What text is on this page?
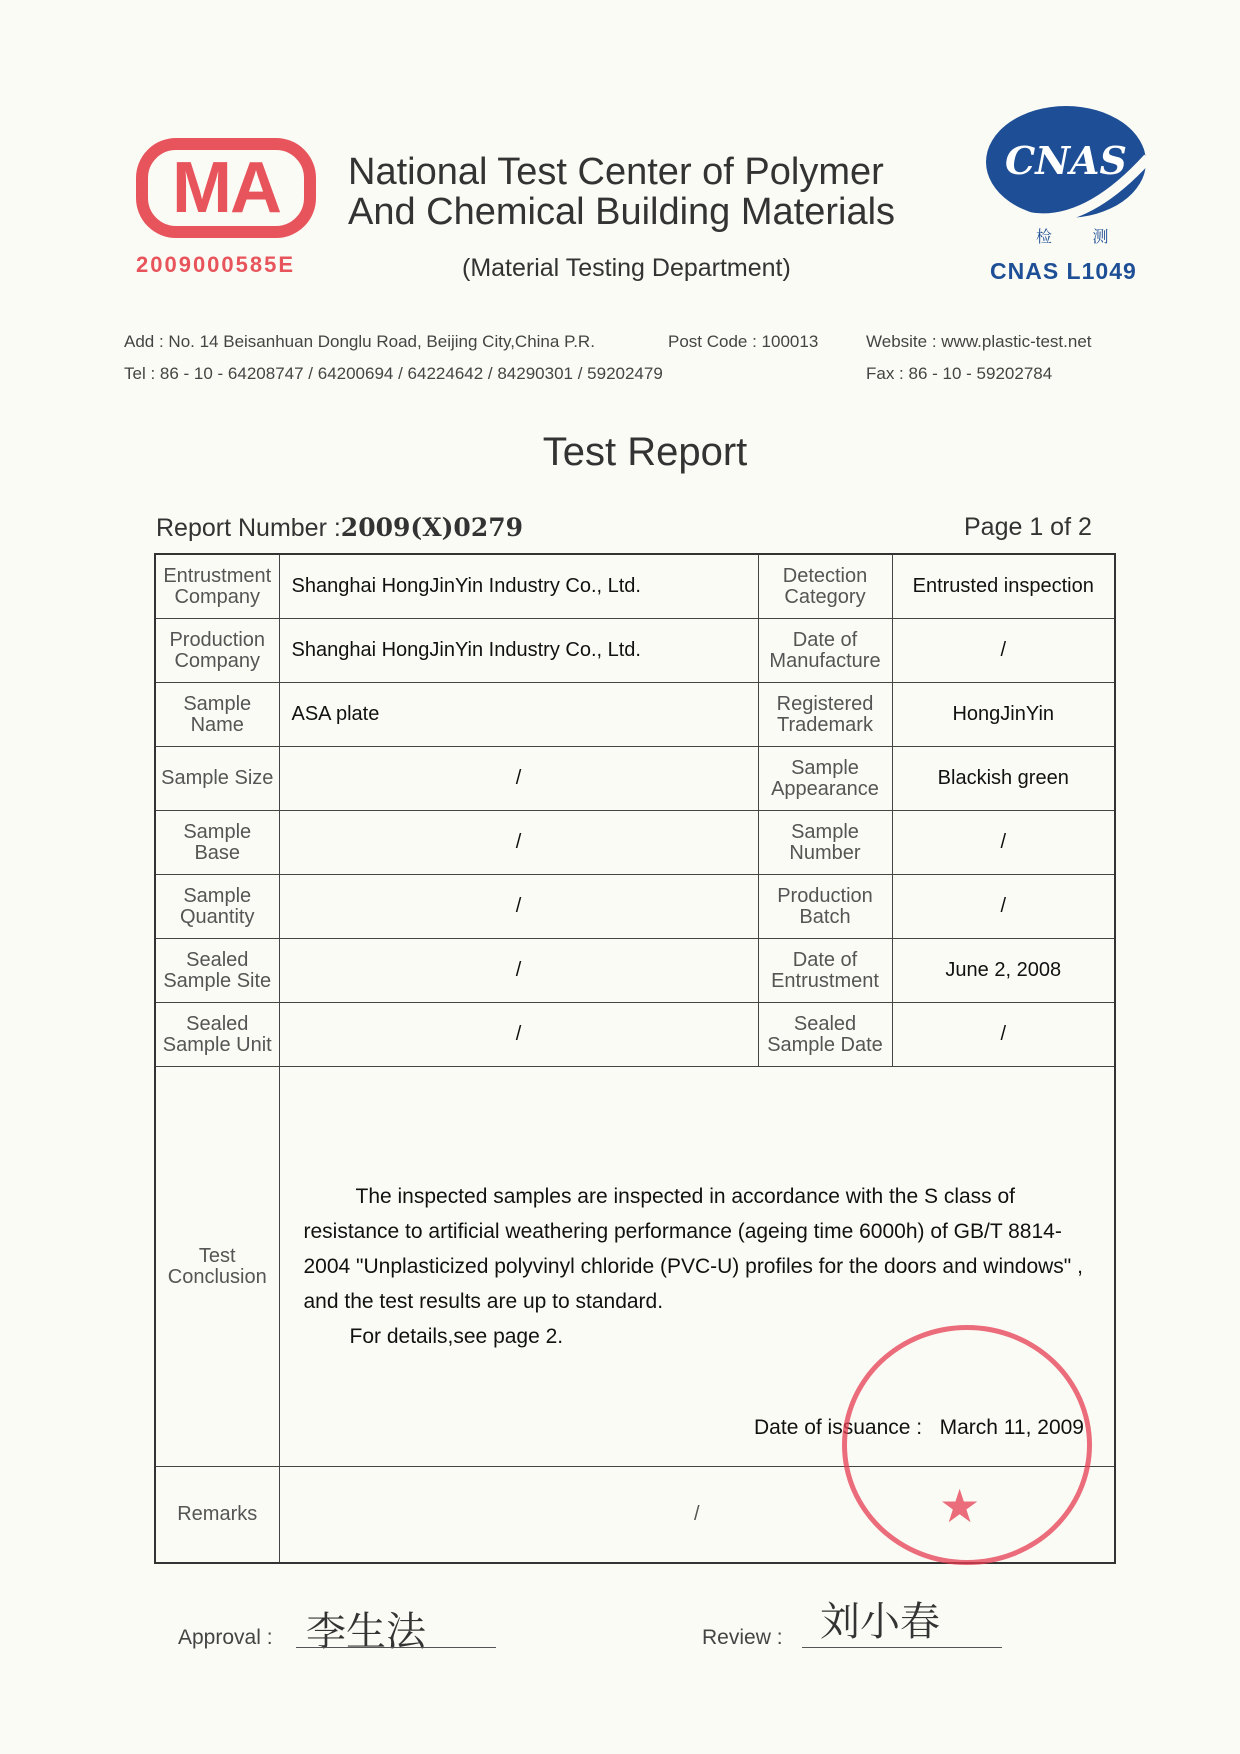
MA
2009000585E
National Test Center of Polymer
And Chemical Building Materials
(Material Testing Department)
CNAS
检 测
CNAS L1049
Add : No. 14 Beisanhuan Donglu Road, Beijing City,China P.R.	Post Code : 100013	Website : www.plastic-test.net
Tel : 86 - 10 - 64208747 / 64200694 / 64224642 / 84290301 / 59202479	Fax : 86 - 10 - 59202784
Test Report
Report Number :2009(X)0279	Page 1 of 2
Entrustment Company	Shanghai HongJinYin Industry Co., Ltd.	Detection Category	Entrusted inspection
Production Company	Shanghai HongJinYin Industry Co., Ltd.	Date of Manufacture	/
Sample Name	ASA plate	Registered Trademark	HongJinYin
Sample Size	/	Sample Appearance	Blackish green
Sample Base	/	Sample Number	/
Sample Quantity	/	Production Batch	/
Sealed Sample Site	/	Date of Entrustment	June 2, 2008
Sealed Sample Unit	/	Sealed Sample Date	/
Test Conclusion	The inspected samples are inspected in accordance with the S class of resistance to artificial weathering performance (ageing time 6000h) of GB/T 8814-2004 "Unplasticized polyvinyl chloride (PVC-U) profiles for the doors and windows" , and the test results are up to standard.
For details,see page 2.
Date of issuance : March 11, 2009		

Remarks	/			★
Approval : 李生法	Review : 刘小春
